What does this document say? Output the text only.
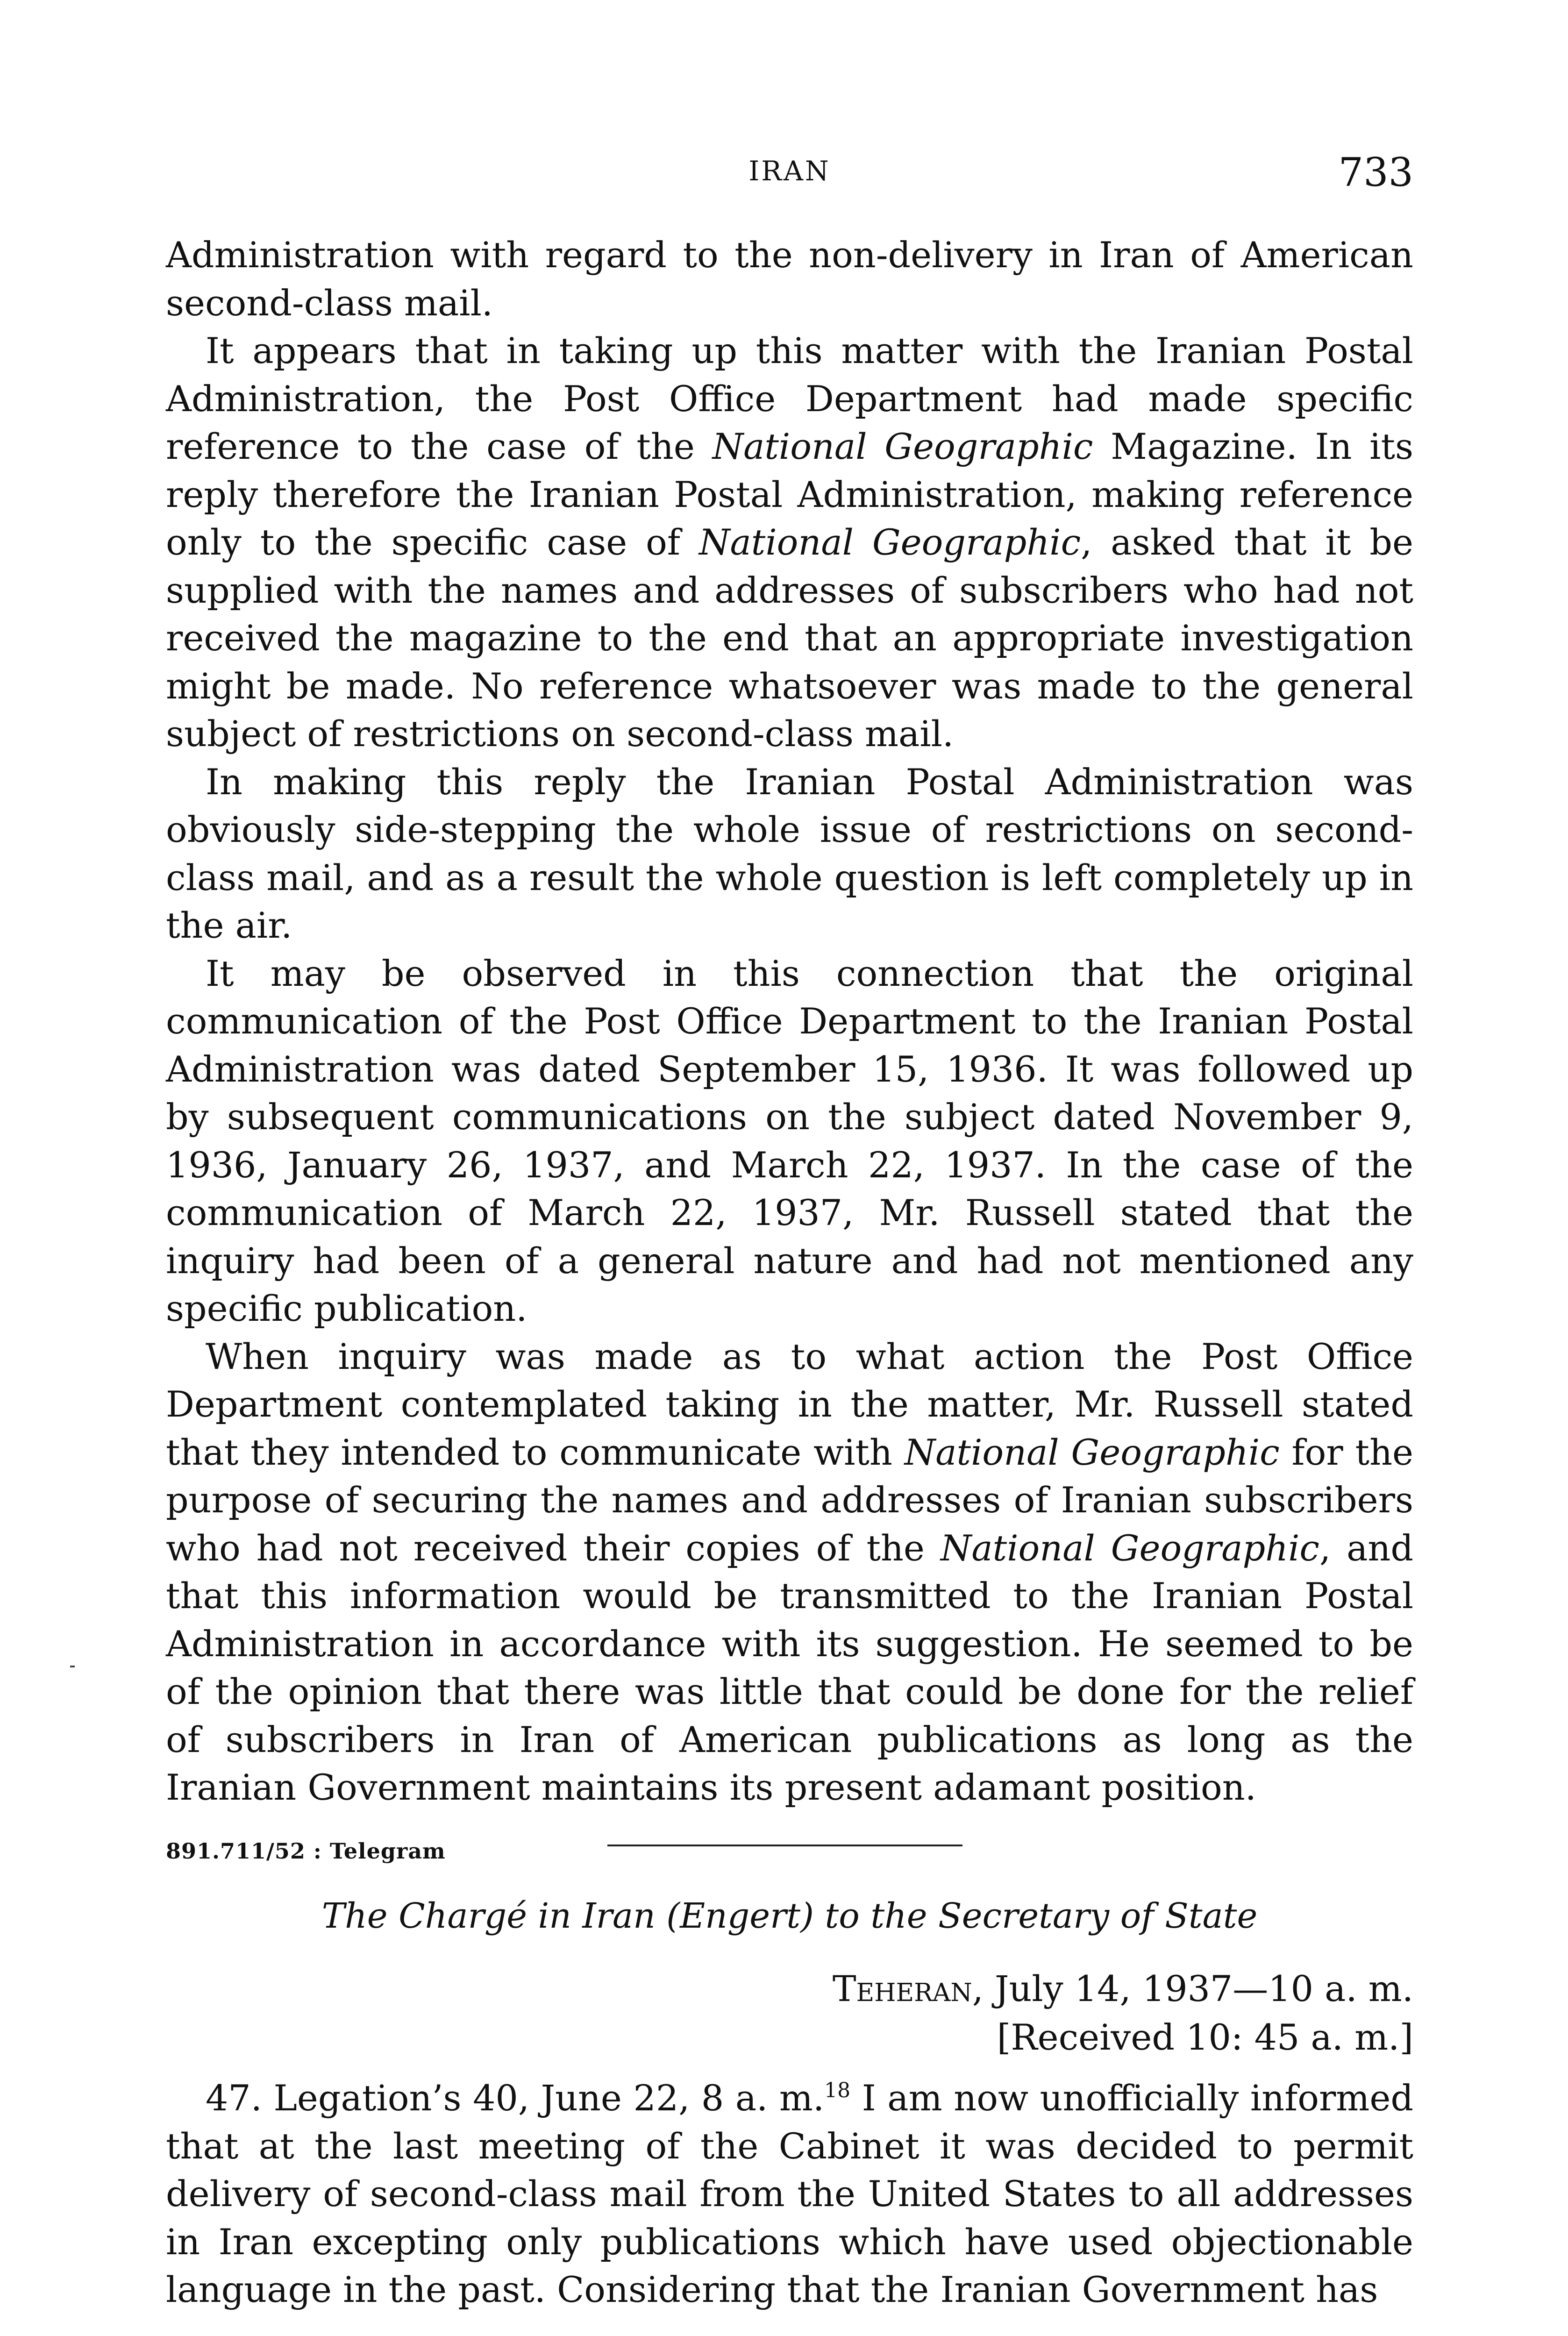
IRAN	733

Administration with regard to the non-delivery in Iran of American second-class mail.

It appears that in taking up this matter with the Iranian Postal Administration, the Post Office Department had made specific reference to the case of the National Geographic Magazine. In its reply therefore the Iranian Postal Administration, making reference only to the specific case of National Geographic, asked that it be supplied with the names and addresses of subscribers who had not received the magazine to the end that an appropriate investigation might be made. No reference whatsoever was made to the general subject of restrictions on second-class mail.

In making this reply the Iranian Postal Administration was obviously side-stepping the whole issue of restrictions on second-class mail, and as a result the whole question is left completely up in the air.

It may be observed in this connection that the original communication of the Post Office Department to the Iranian Postal Administration was dated September 15, 1936. It was followed up by subsequent communications on the subject dated November 9, 1936, January 26, 1937, and March 22, 1937. In the case of the communication of March 22, 1937, Mr. Russell stated that the inquiry had been of a general nature and had not mentioned any specific publication.

When inquiry was made as to what action the Post Office Department contemplated taking in the matter, Mr. Russell stated that they intended to communicate with National Geographic for the purpose of securing the names and addresses of Iranian subscribers who had not received their copies of the National Geographic, and that this information would be transmitted to the Iranian Postal Administration in accordance with its suggestion. He seemed to be of the opinion that there was little that could be done for the relief of subscribers in Iran of American publications as long as the Iranian Government maintains its present adamant position.

891.711/52 : Telegram
The Chargé in Iran (Engert) to the Secretary of State
Teheran, July 14, 1937—10 a. m.
[Received 10: 45 a. m.]

47. Legation’s 40, June 22, 8 a. m.$^{18}$ I am now unofficially informed that at the last meeting of the Cabinet it was decided to permit delivery of second-class mail from the United States to all addresses in Iran excepting only publications which have used objectionable language in the past. Considering that the Iranian Government has
